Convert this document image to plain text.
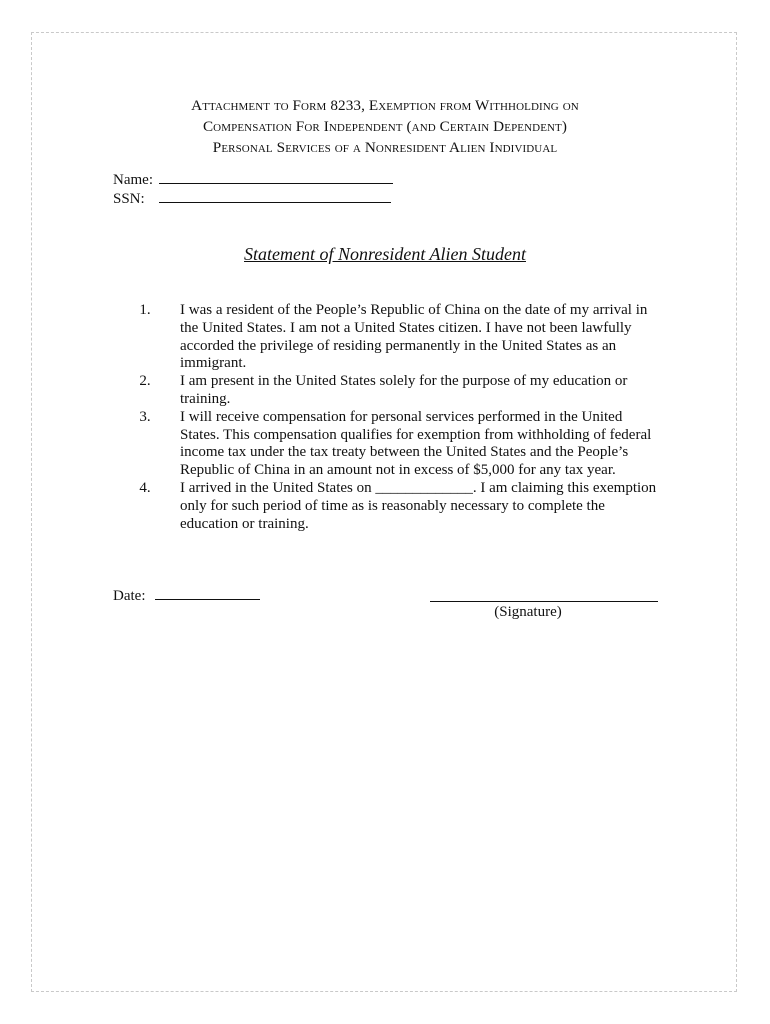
Attachment to Form 8233, Exemption from Withholding on
Compensation For Independent (and Certain Dependent)
Personal Services of a Nonresident Alien Individual
Name:
SSN:
Statement of Nonresident Alien Student
1.	I was a resident of the People’s Republic of China on the date of my arrival in the United States. I am not a United States citizen. I have not been lawfully accorded the privilege of residing permanently in the United States as an immigrant.
2.	I am present in the United States solely for the purpose of my education or training.
3.	I will receive compensation for personal services performed in the United States. This compensation qualifies for exemption from withholding of federal income tax under the tax treaty between the United States and the People’s Republic of China in an amount not in excess of $5,000 for any tax year.
4.	I arrived in the United States on _____________. I am claiming this exemption only for such period of time as is reasonably necessary to complete the education or training.
Date:
(Signature)
